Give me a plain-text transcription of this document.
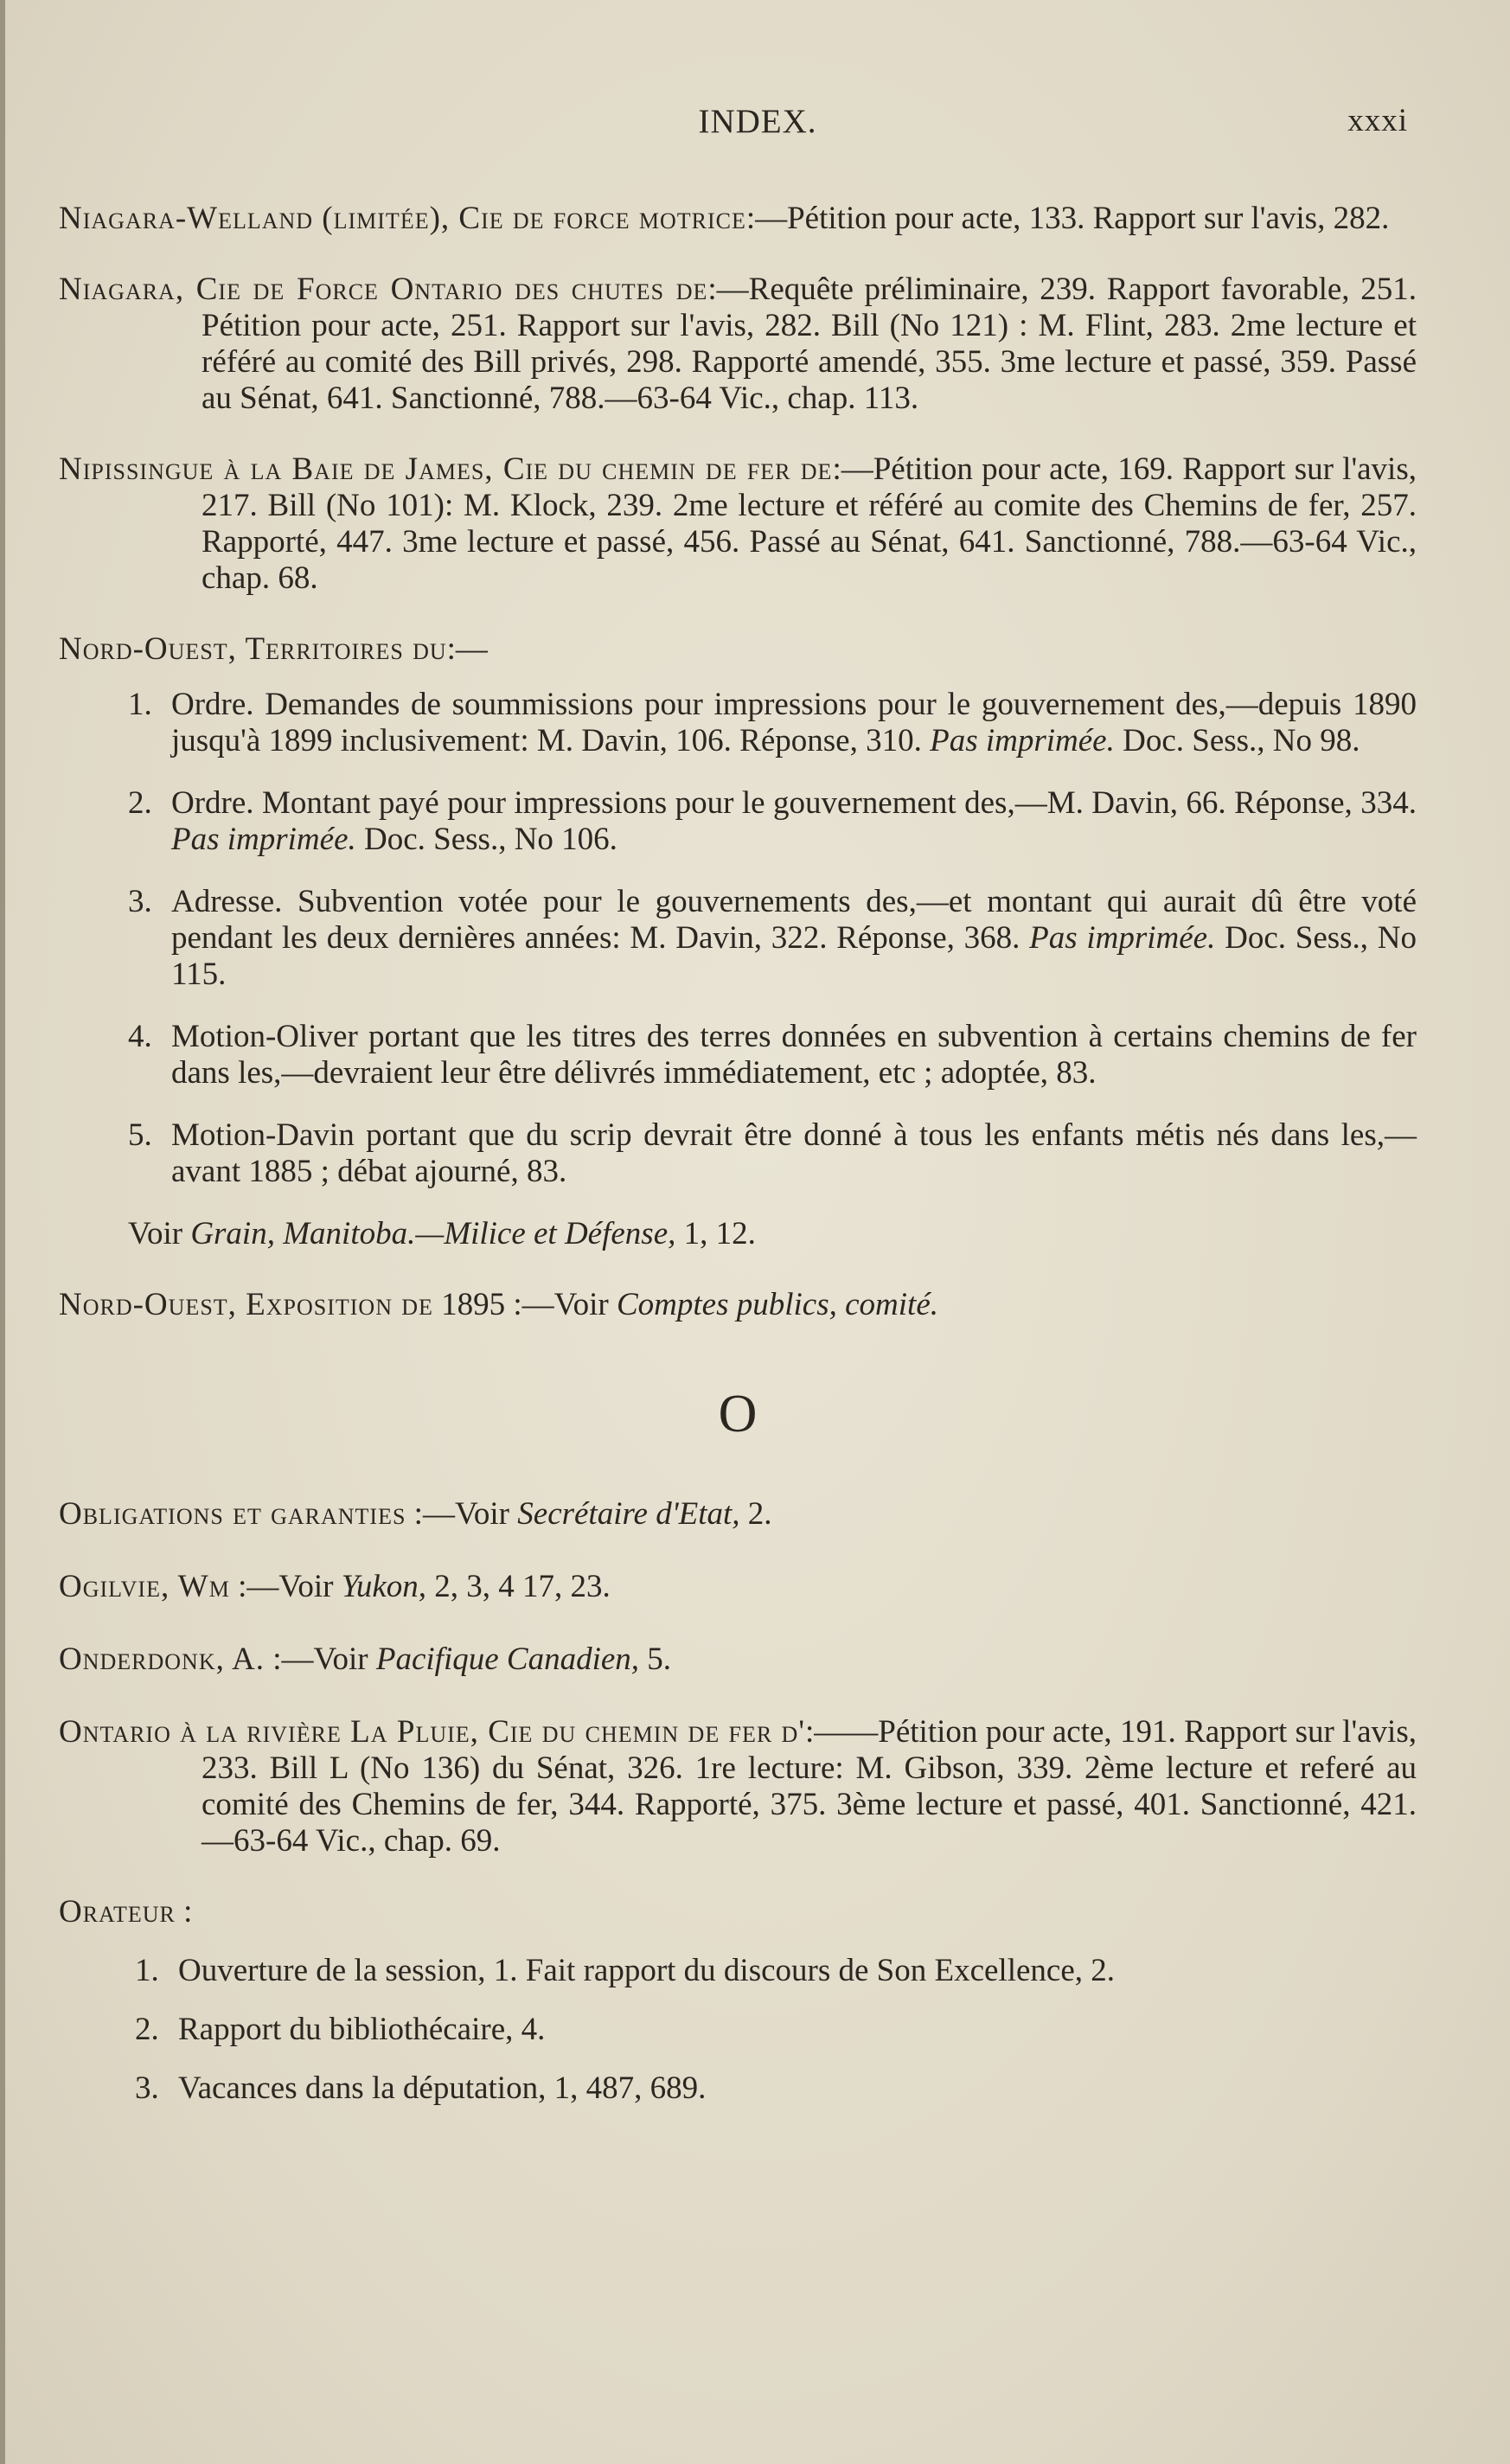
INDEX.	xxxi

Niagara-Welland (limitée), Cie de force motrice:—Pétition pour acte, 133. Rapport sur l'avis, 282.

Niagara, Cie de Force Ontario des chutes de:—Requête préliminaire, 239. Rapport favorable, 251. Pétition pour acte, 251. Rapport sur l'avis, 282. Bill (No 121) : M. Flint, 283. 2me lecture et référé au comité des Bill privés, 298. Rapporté amendé, 355. 3me lecture et passé, 359. Passé au Sénat, 641. Sanctionné, 788.—63-64 Vic., chap. 113.

Nipissingue à la Baie de James, Cie du chemin de fer de:—Pétition pour acte, 169. Rapport sur l'avis, 217. Bill (No 101): M. Klock, 239. 2me lecture et référé au comite des Chemins de fer, 257. Rapporté, 447. 3me lecture et passé, 456. Passé au Sénat, 641. Sanctionné, 788.—63-64 Vic., chap. 68.

Nord-Ouest, Territoires du:—

1. Ordre. Demandes de soummissions pour impressions pour le gouvernement des,—depuis 1890 jusqu'à 1899 inclusivement: M. Davin, 106. Réponse, 310. Pas imprimée. Doc. Sess., No 98.
2. Ordre. Montant payé pour impressions pour le gouvernement des,—M. Davin, 66. Réponse, 334. Pas imprimée. Doc. Sess., No 106.
3. Adresse. Subvention votée pour le gouvernements des,—et montant qui aurait dû être voté pendant les deux dernières années: M. Davin, 322. Réponse, 368. Pas imprimée. Doc. Sess., No 115.
4. Motion-Oliver portant que les titres des terres données en subvention à certains chemins de fer dans les,—devraient leur être délivrés immédiatement, etc ; adoptée, 83.
5. Motion-Davin portant que du scrip devrait être donné à tous les enfants métis nés dans les,—avant 1885 ; débat ajourné, 83.

Voir Grain, Manitoba.—Milice et Défense, 1, 12.

Nord-Ouest, Exposition de 1895 :—Voir Comptes publics, comité.

O

Obligations et garanties :—Voir Secrétaire d'Etat, 2.

Ogilvie, Wm :—Voir Yukon, 2, 3, 4 17, 23.

Onderdonk, A. :—Voir Pacifique Canadien, 5.

Ontario à la rivière La Pluie, Cie du chemin de fer d':——Pétition pour acte, 191. Rapport sur l'avis, 233. Bill L (No 136) du Sénat, 326. 1re lecture: M. Gibson, 339. 2ème lecture et referé au comité des Chemins de fer, 344. Rapporté, 375. 3ème lecture et passé, 401. Sanctionné, 421.—63-64 Vic., chap. 69.

Orateur :

1. Ouverture de la session, 1. Fait rapport du discours de Son Excellence, 2.
2. Rapport du bibliothécaire, 4.
3. Vacances dans la députation, 1, 487, 689.
